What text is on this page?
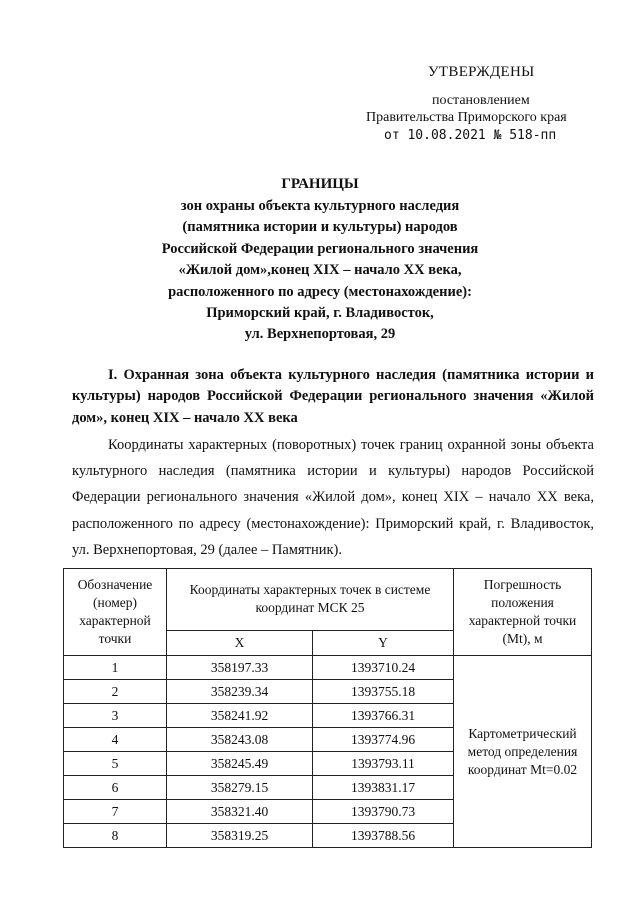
УТВЕРЖДЕНЫ
постановлением
Правительства Приморского края
от 10.08.2021 № 518-пп
ГРАНИЦЫ
зон охраны объекта культурного наследия
(памятника истории и культуры) народов
Российской Федерации регионального значения
«Жилой дом»,конец XIX – начало XX века,
расположенного по адресу (местонахождение):
Приморский край, г. Владивосток,
ул. Верхнепортовая, 29
I. Охранная зона объекта культурного наследия (памятника истории и культуры) народов Российской Федерации регионального значения «Жилой дом», конец XIX – начало XX века
Координаты характерных (поворотных) точек границ охранной зоны объекта культурного наследия (памятника истории и культуры) народов Российской Федерации регионального значения «Жилой дом», конец XIX – начало XX века, расположенного по адресу (местонахождение): Приморский край, г. Владивосток, ул. Верхнепортовая, 29 (далее – Памятник).
Обозначение (номер) характерной точки	Координаты характерных точек в системе координат МСК 25		Погрешность положения характерной точки (Mt), м
	X	Y	
1	358197.33	1393710.24	Картометрический метод определения координат Mt=0.02
2	358239.34	1393755.18	
3	358241.92	1393766.31	
4	358243.08	1393774.96	
5	358245.49	1393793.11	
6	358279.15	1393831.17	
7	358321.40	1393790.73	
8	358319.25	1393788.56	
